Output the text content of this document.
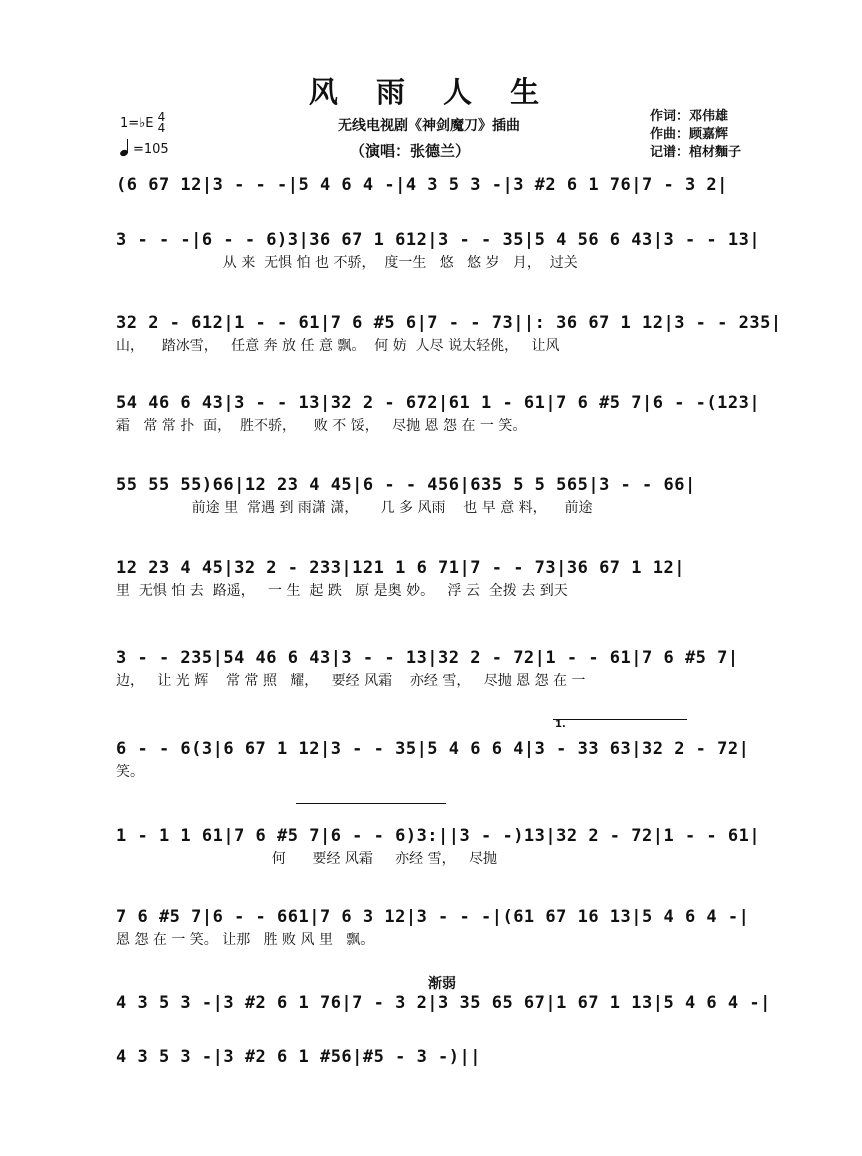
风 雨 人 生
无线电视剧《神剑魔刀》插曲
（演唱：张德兰）
作词：邓伟雄
作曲：顾嘉辉
记谱：棺材麵子
1=♭E 4
4
=105
(6 67 12|3 - - -|5 4 6 4 -|4 3 5 3 -|3 #2 6 1 76|7 - 3 2|
3 - - -|6 - - 6)3|36 67 1 612|3 - - 35|5 4 56 6 43|3 - - 13|
从 来  无惧 怕 也 不骄，  度一生   悠   悠 岁   月，  过关
32 2 - 612|1 - - 61|7 6 #5 6|7 - - 73||: 36 67 1 12|3 - - 235|
山，    踏冰雪，   任意 奔 放 任 意 飘。  何 妨  人尽 说太轻佻，   让风
54 46 6 43|3 - - 13|32 2 - 672|61 1 - 61|7 6 #5 7|6 - -(123|
霜   常 常 扑  面，  胜不骄，    败 不 馁，   尽抛 恩 怨 在 一 笑。
55 55 55)66|12 23 4 45|6 - - 456|635 5 5 565|3 - - 66|
前途 里  常遇 到 雨潇 潇，     几 多 风雨    也 早 意 料，    前途
12 23 4 45|32 2 - 233|121 1 6 71|7 - - 73|36 67 1 12|
里  无惧 怕 去  路遥，   一 生  起 跌   原 是奥 妙。   浮 云  全拨 去 到天
3 - - 235|54 46 6 43|3 - - 13|32 2 - 72|1 - - 61|7 6 #5 7|
边，   让 光 辉    常 常 照   耀，   要经 风霜    亦经 雪，   尽抛 恩 怨 在 一
1.
6 - - 6(3|6 67 1 12|3 - - 35|5 4 6 6 4|3 - 33 63|32 2 - 72|
笑。
1 - 1 1 61|7 6 #5 7|6 - - 6)3:||3 - -)13|32 2 - 72|1 - - 61|
何      要经 风霜     亦经 雪，   尽抛
7 6 #5 7|6 - - 661|7 6 3 12|3 - - -|(61 67 16 13|5 4 6 4 -|
恩 怨 在 一 笑。 让那   胜 败 风 里   飘。
渐弱
4 3 5 3 -|3 #2 6 1 76|7 - 3 2|3 35 65 67|1 67 1 13|5 4 6 4 -|
4 3 5 3 -|3 #2 6 1 #56|#5 - 3 -)||
